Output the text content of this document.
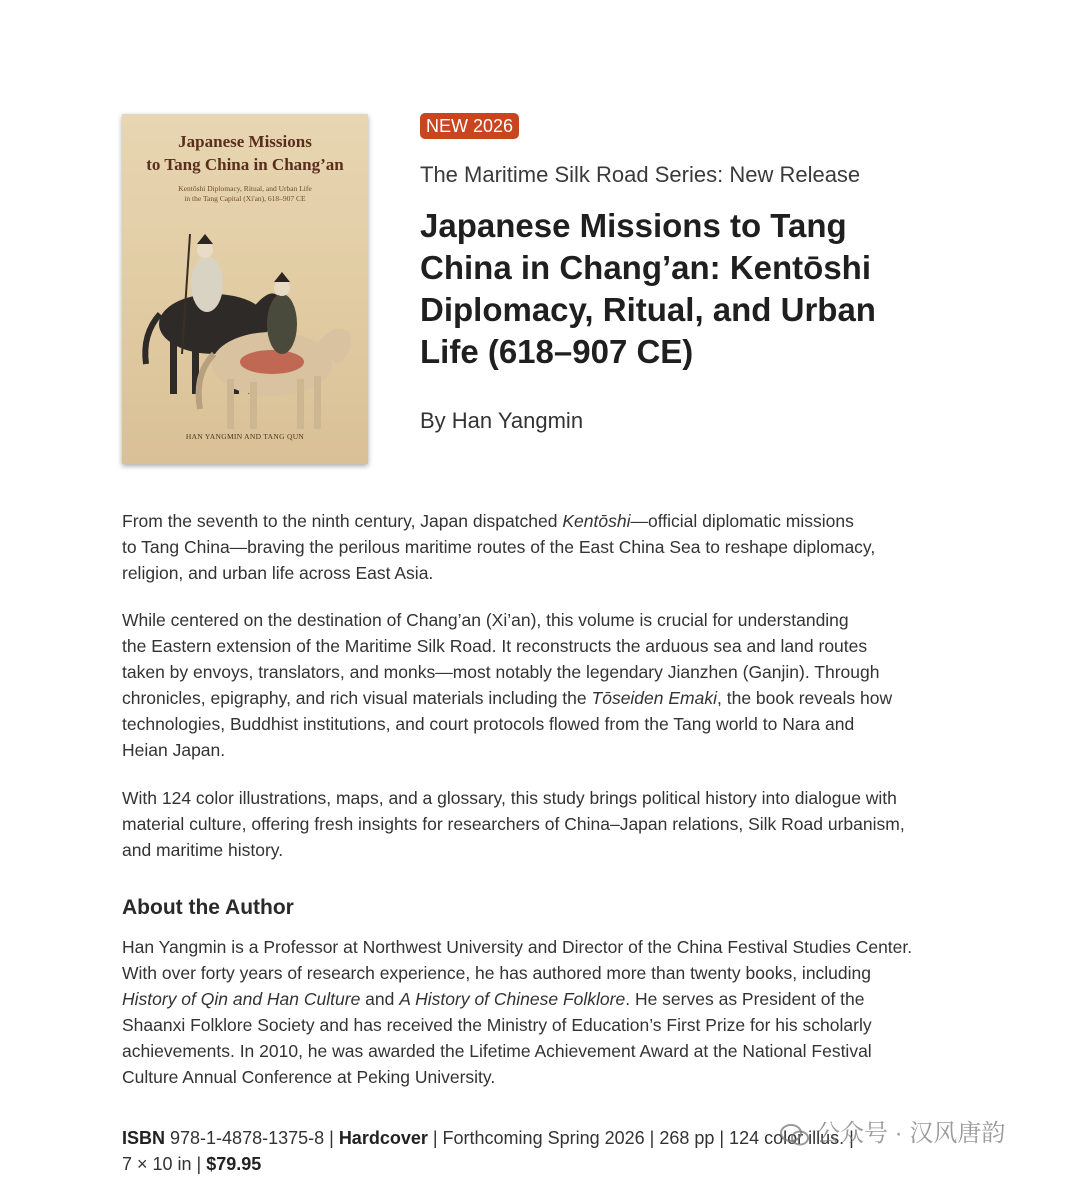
Japanese Missions
to Tang China in Chang’an
Kentōshi Diplomacy, Ritual, and Urban Life
in the Tang Capital (Xi'an), 618–907 CE
HAN YANGMIN AND TANG QUN
NEW 2026
The Maritime Silk Road Series: New Release
Japanese Missions to Tang
China in Chang’an: Kentōshi
Diplomacy, Ritual, and Urban
Life (618–907 CE)
By Han Yangmin

From the seventh to the ninth century, Japan dispatched Kentōshi—official diplomatic missions
to Tang China—braving the perilous maritime routes of the East China Sea to reshape diplomacy,
religion, and urban life across East Asia.

While centered on the destination of Chang’an (Xi’an), this volume is crucial for understanding
the Eastern extension of the Maritime Silk Road. It reconstructs the arduous sea and land routes
taken by envoys, translators, and monks—most notably the legendary Jianzhen (Ganjin). Through
chronicles, epigraphy, and rich visual materials including the Tōseiden Emaki, the book reveals how
technologies, Buddhist institutions, and court protocols flowed from the Tang world to Nara and
Heian Japan.

With 124 color illustrations, maps, and a glossary, this study brings political history into dialogue with
material culture, offering fresh insights for researchers of China–Japan relations, Silk Road urbanism,
and maritime history.

About the Author

Han Yangmin is a Professor at Northwest University and Director of the China Festival Studies Center.
With over forty years of research experience, he has authored more than twenty books, including
History of Qin and Han Culture and A History of Chinese Folklore. He serves as President of the
Shaanxi Folklore Society and has received the Ministry of Education’s First Prize for his scholarly
achievements. In 2010, he was awarded the Lifetime Achievement Award at the National Festival
Culture Annual Conference at Peking University.

ISBN 978-1-4878-1375-8 | Hardcover | Forthcoming Spring 2026 | 268 pp | 124 color illus. |
7 × 10 in | $79.95
公众号 · 汉风唐韵
